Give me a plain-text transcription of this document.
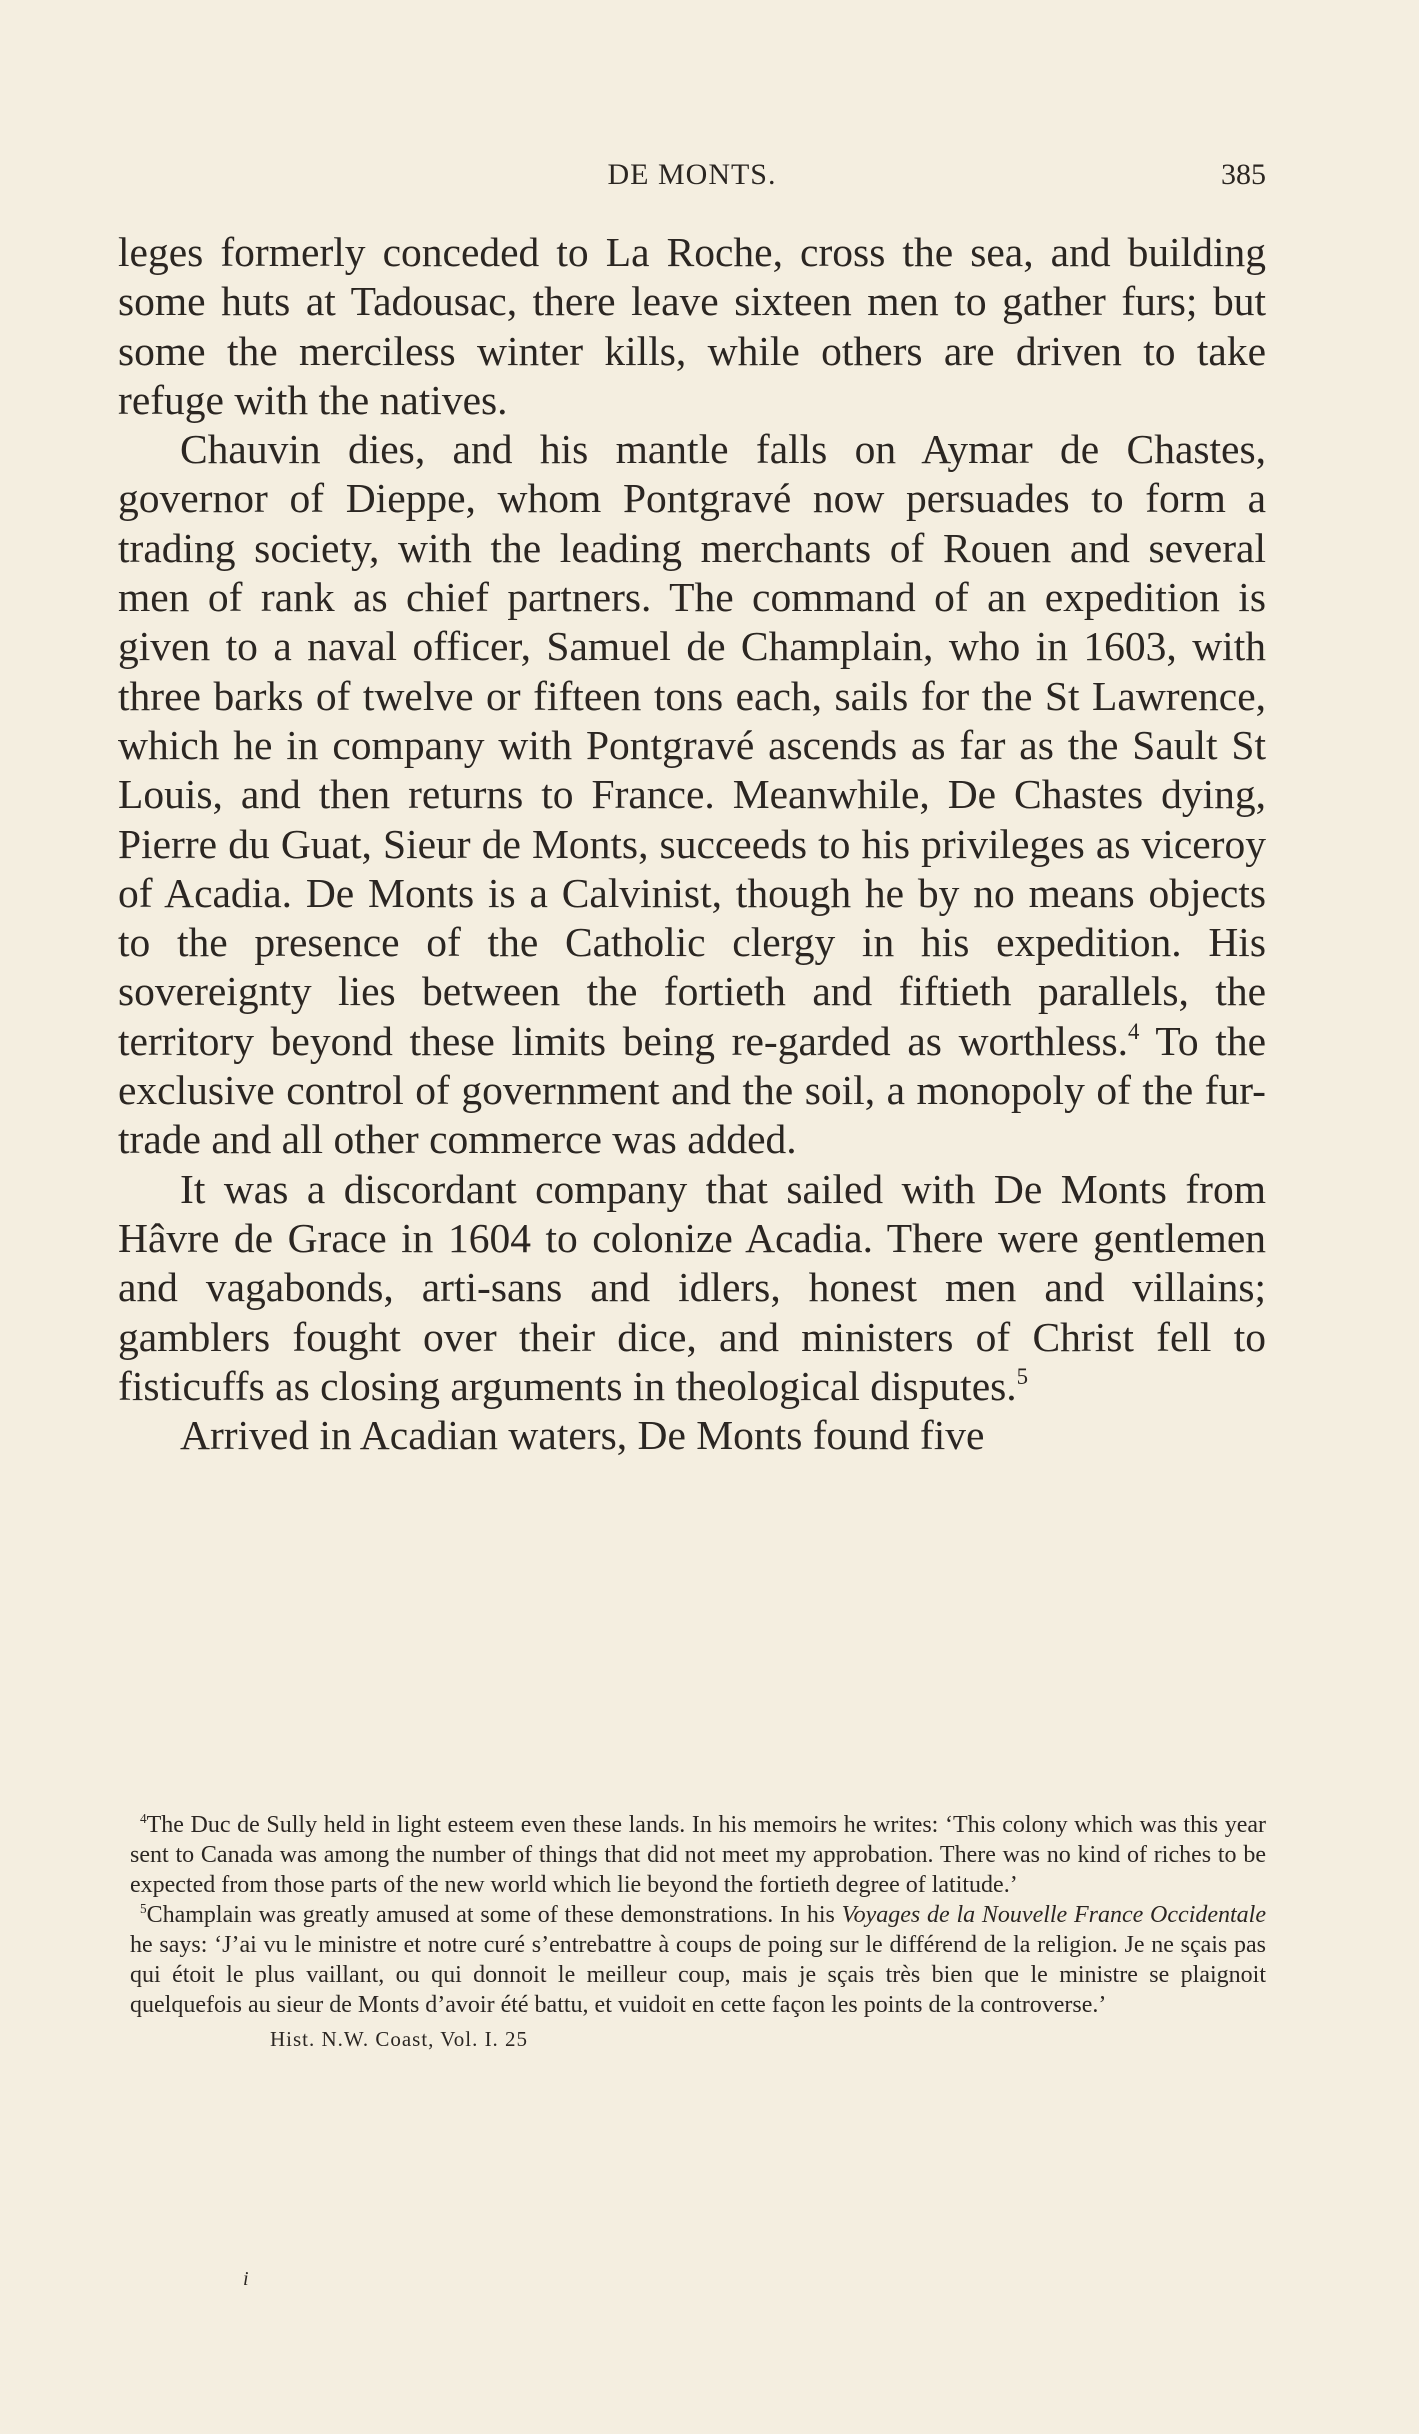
DE MONTS.	385

leges formerly conceded to La Roche, cross the sea, and building some huts at Tadousac, there leave sixteen men to gather furs; but some the merciless winter kills, while others are driven to take refuge with the natives.

Chauvin dies, and his mantle falls on Aymar de Chastes, governor of Dieppe, whom Pontgravé now persuades to form a trading society, with the leading merchants of Rouen and several men of rank as chief partners. The command of an expedition is given to a naval officer, Samuel de Champlain, who in 1603, with three barks of twelve or fifteen tons each, sails for the St Lawrence, which he in company with Pontgravé ascends as far as the Sault St Louis, and then returns to France. Meanwhile, De Chastes dying, Pierre du Guat, Sieur de Monts, succeeds to his privileges as viceroy of Acadia. De Monts is a Calvinist, though he by no means objects to the presence of the Catholic clergy in his expedition. His sovereignty lies between the fortieth and fiftieth parallels, the territory beyond these limits being re-garded as worthless.$^4$ To the exclusive control of government and the soil, a monopoly of the fur-trade and all other commerce was added.

It was a discordant company that sailed with De Monts from Hâvre de Grace in 1604 to colonize Acadia. There were gentlemen and vagabonds, arti-sans and idlers, honest men and villains; gamblers fought over their dice, and ministers of Christ fell to fisticuffs as closing arguments in theological disputes.$^5$

Arrived in Acadian waters, De Monts found five

$^4$The Duc de Sully held in light esteem even these lands. In his memoirs he writes: ‘This colony which was this year sent to Canada was among the number of things that did not meet my approbation. There was no kind of riches to be expected from those parts of the new world which lie beyond the fortieth degree of latitude.’

$^5$Champlain was greatly amused at some of these demonstrations. In his Voyages de la Nouvelle France Occidentale he says: ‘J’ai vu le ministre et notre curé s’entrebattre à coups de poing sur le différend de la religion. Je ne sçais pas qui étoit le plus vaillant, ou qui donnoit le meilleur coup, mais je sçais très bien que le ministre se plaignoit quelquefois au sieur de Monts d’avoir été battu, et vuidoit en cette façon les points de la controverse.’

Hist. N.W. Coast, Vol. I. 25
i
